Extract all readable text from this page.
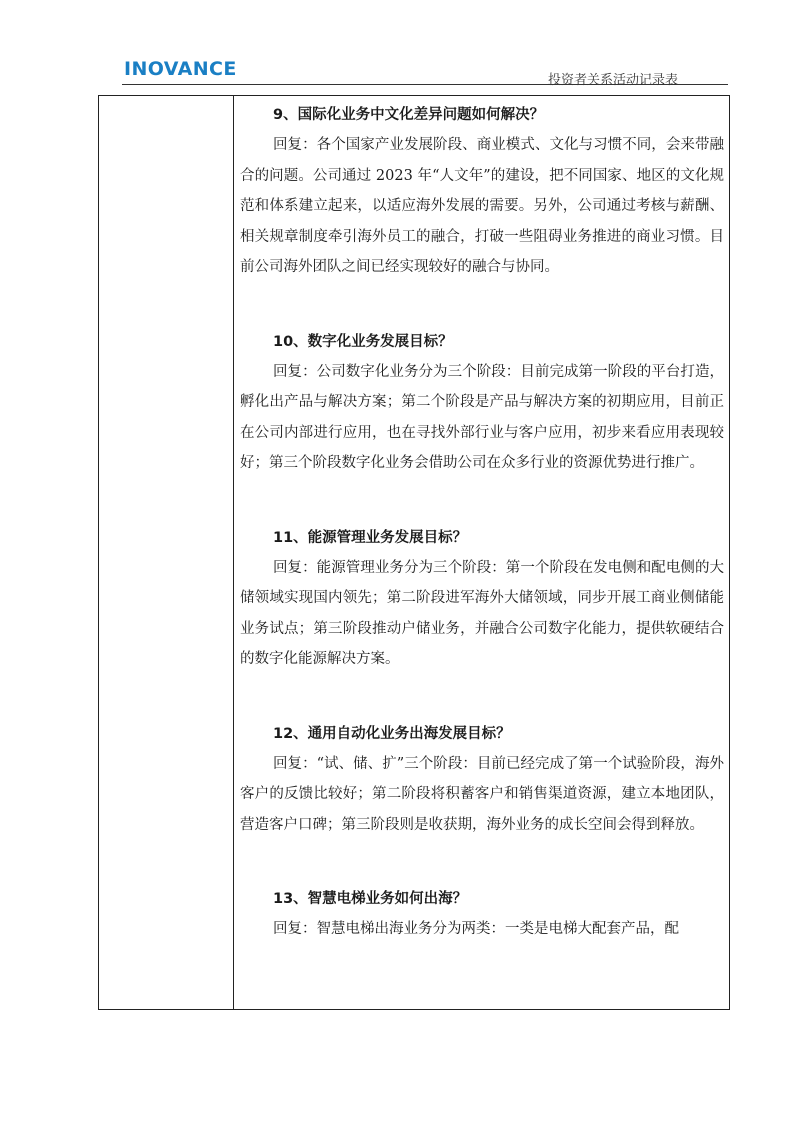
INOVANCE
投资者关系活动记录表
9、国际化业务中文化差异问题如何解决？
回复：各个国家产业发展阶段、商业模式、文化与习惯不同，会来带融合的问题。公司通过 2023 年“人文年”的建设，把不同国家、地区的文化规范和体系建立起来，以适应海外发展的需要。另外，公司通过考核与薪酬、相关规章制度牵引海外员工的融合，打破一些阻碍业务推进的商业习惯。目前公司海外团队之间已经实现较好的融合与协同。
10、数字化业务发展目标？
回复：公司数字化业务分为三个阶段：目前完成第一阶段的平台打造，孵化出产品与解决方案；第二个阶段是产品与解决方案的初期应用，目前正在公司内部进行应用，也在寻找外部行业与客户应用，初步来看应用表现较好；第三个阶段数字化业务会借助公司在众多行业的资源优势进行推广。
11、能源管理业务发展目标？
回复：能源管理业务分为三个阶段：第一个阶段在发电侧和配电侧的大储领域实现国内领先；第二阶段进军海外大储领域，同步开展工商业侧储能业务试点；第三阶段推动户储业务，并融合公司数字化能力，提供软硬结合的数字化能源解决方案。
12、通用自动化业务出海发展目标？
回复：“试、储、扩”三个阶段：目前已经完成了第一个试验阶段，海外客户的反馈比较好；第二阶段将积蓄客户和销售渠道资源，建立本地团队，营造客户口碑；第三阶段则是收获期，海外业务的成长空间会得到释放。
13、智慧电梯业务如何出海？
回复：智慧电梯出海业务分为两类：一类是电梯大配套产品，配
